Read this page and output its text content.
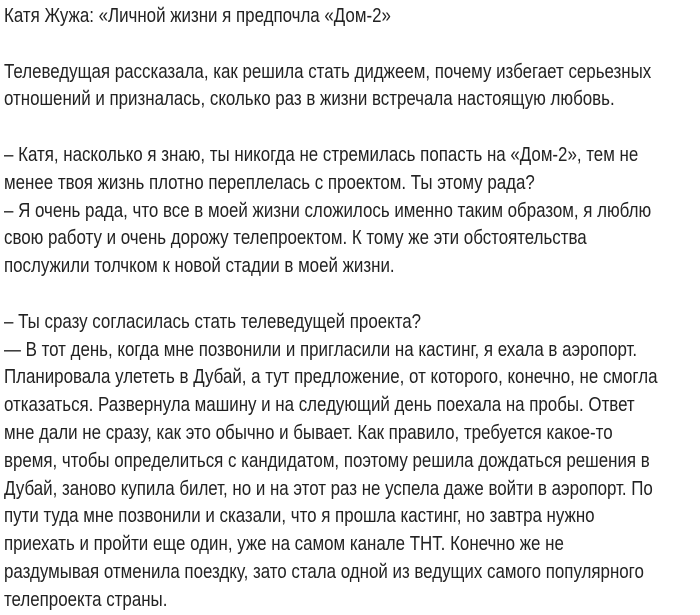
Катя Жужа: «Личной жизни я предпочла «Дом-2»
Телеведущая рассказала, как решила стать диджеем, почему избегает серьезных
отношений и призналась, сколько раз в жизни встречала настоящую любовь.
– Катя, насколько я знаю, ты никогда не стремилась попасть на «Дом-2», тем не
менее твоя жизнь плотно переплелась с проектом. Ты этому рада?
– Я очень рада, что все в моей жизни сложилось именно таким образом, я люблю
свою работу и очень дорожу телепроектом. К тому же эти обстоятельства
послужили толчком к новой стадии в моей жизни.
– Ты сразу согласилась стать телеведущей проекта?
— В тот день, когда мне позвонили и пригласили на кастинг, я ехала в аэропорт.
Планировала улететь в Дубай, а тут предложение, от которого, конечно, не смогла
отказаться. Развернула машину и на следующий день поехала на пробы. Ответ
мне дали не сразу, как это обычно и бывает. Как правило, требуется какое-то
время, чтобы определиться с кандидатом, поэтому решила дождаться решения в
Дубай, заново купила билет, но и на этот раз не успела даже войти в аэропорт. По
пути туда мне позвонили и сказали, что я прошла кастинг, но завтра нужно
приехать и пройти еще один, уже на самом канале ТНТ. Конечно же не
раздумывая отменила поездку, зато стала одной из ведущих самого популярного
телепроекта страны.
